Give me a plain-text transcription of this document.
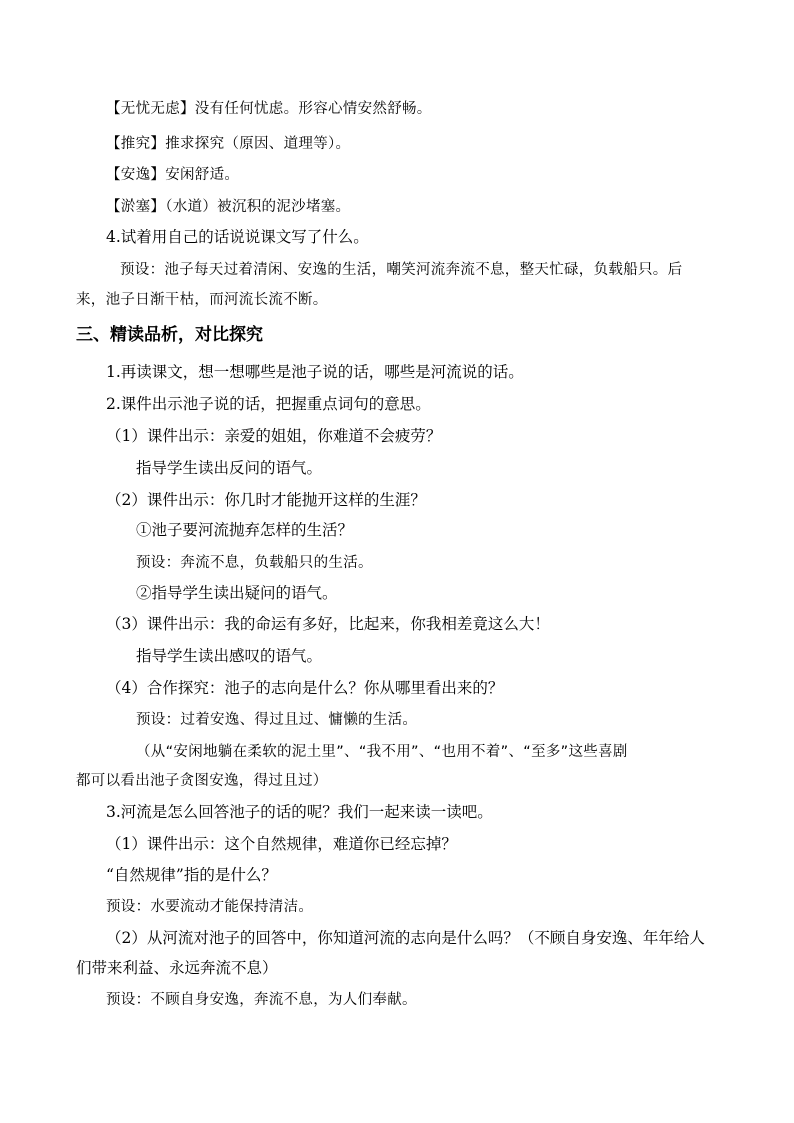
【无忧无虑】没有任何忧虑。形容心情安然舒畅。
【推究】推求探究（原因、道理等）。
【安逸】安闲舒适。
【淤塞】（水道）被沉积的泥沙堵塞。
4.试着用自己的话说说课文写了什么。
预设：池子每天过着清闲、安逸的生活，嘲笑河流奔流不息，整天忙碌，负载船只。后
来，池子日渐干枯，而河流长流不断。
三、精读品析，对比探究
1.再读课文，想一想哪些是池子说的话，哪些是河流说的话。
2.课件出示池子说的话，把握重点词句的意思。
（1）课件出示：亲爱的姐姐，你难道不会疲劳？
指导学生读出反问的语气。
（2）课件出示：你几时才能抛开这样的生涯？
①池子要河流抛弃怎样的生活？
预设：奔流不息，负载船只的生活。
②指导学生读出疑问的语气。
（3）课件出示：我的命运有多好，比起来，你我相差竟这么大！
指导学生读出感叹的语气。
（4）合作探究：池子的志向是什么？你从哪里看出来的？
预设：过着安逸、得过且过、慵懒的生活。
（从“安闲地躺在柔软的泥土里”、“我不用”、“也用不着”、“至多”这些喜剧
都可以看出池子贪图安逸，得过且过）
3.河流是怎么回答池子的话的呢？我们一起来读一读吧。
（1）课件出示：这个自然规律，难道你已经忘掉？
“自然规律”指的是什么？
预设：水要流动才能保持清洁。
（2）从河流对池子的回答中，你知道河流的志向是什么吗？（不顾自身安逸、年年给人
们带来利益、永远奔流不息）
预设：不顾自身安逸，奔流不息，为人们奉献。
